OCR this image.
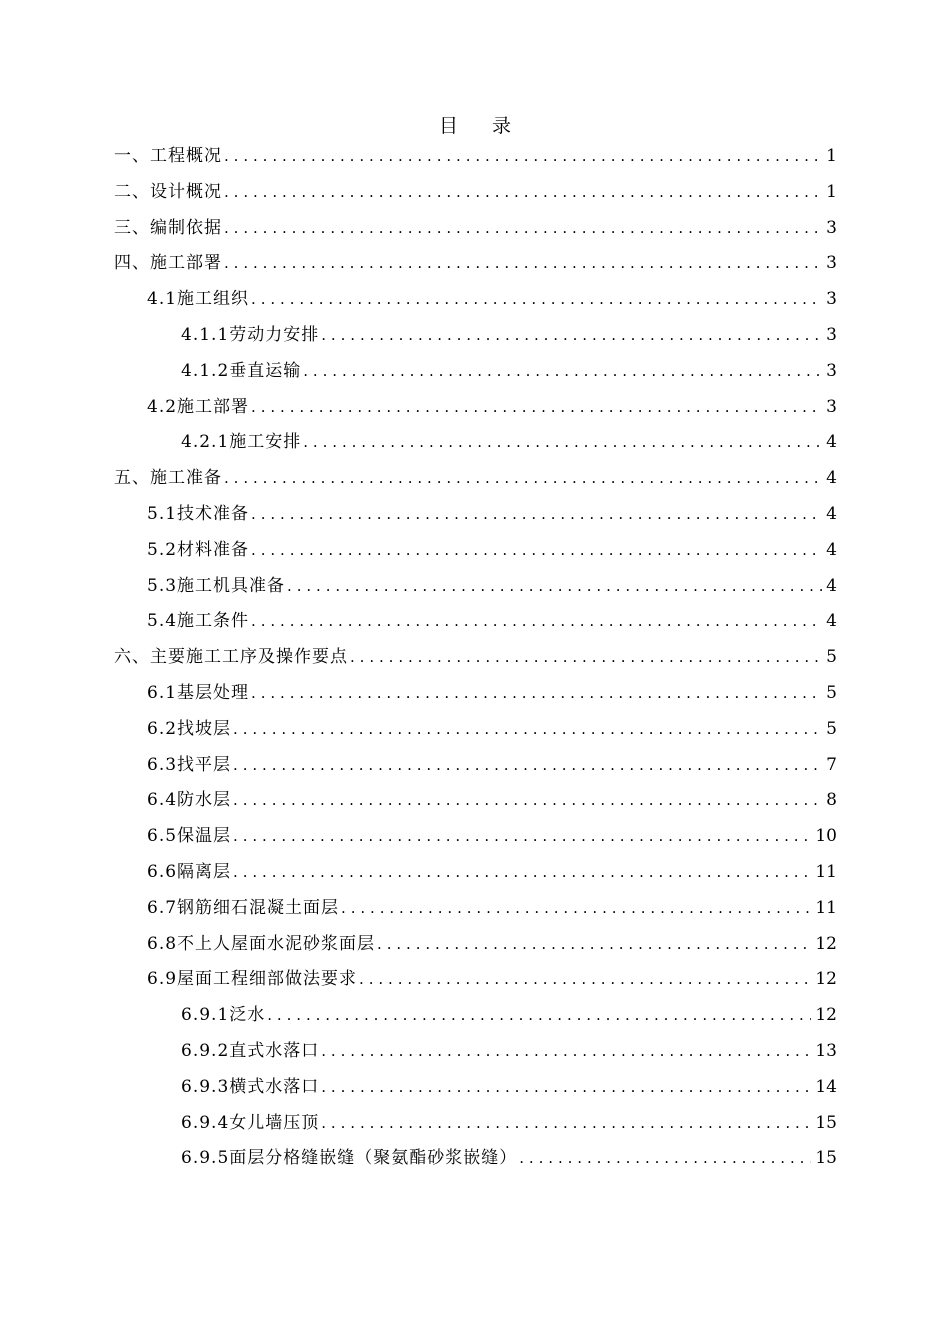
目 录
一、工程概况 .....	1
二、设计概况 .....	1
三、编制依据 .....	3
四、施工部署 .....	3
4.1施工组织 .....	3
4.1.1劳动力安排 .....	3
4.1.2垂直运输 .....	3
4.2施工部署 .....	3
4.2.1施工安排 .....	4
五、施工准备 .....	4
5.1技术准备 .....	4
5.2材料准备 .....	4
5.3施工机具准备 .....	4
5.4施工条件 .....	4
六、主要施工工序及操作要点 .....	5
6.1基层处理 .....	5
6.2找坡层 .....	5
6.3找平层 .....	7
6.4防水层 .....	8
6.5保温层 .....	10
6.6隔离层 .....	11
6.7钢筋细石混凝土面层 .....	11
6.8不上人屋面水泥砂浆面层 .....	12
6.9屋面工程细部做法要求 .....	12
6.9.1泛水 .....	12
6.9.2直式水落口 .....	13
6.9.3横式水落口 .....	14
6.9.4女儿墙压顶 .....	15
6.9.5面层分格缝嵌缝（聚氨酯砂浆嵌缝） .....	15
